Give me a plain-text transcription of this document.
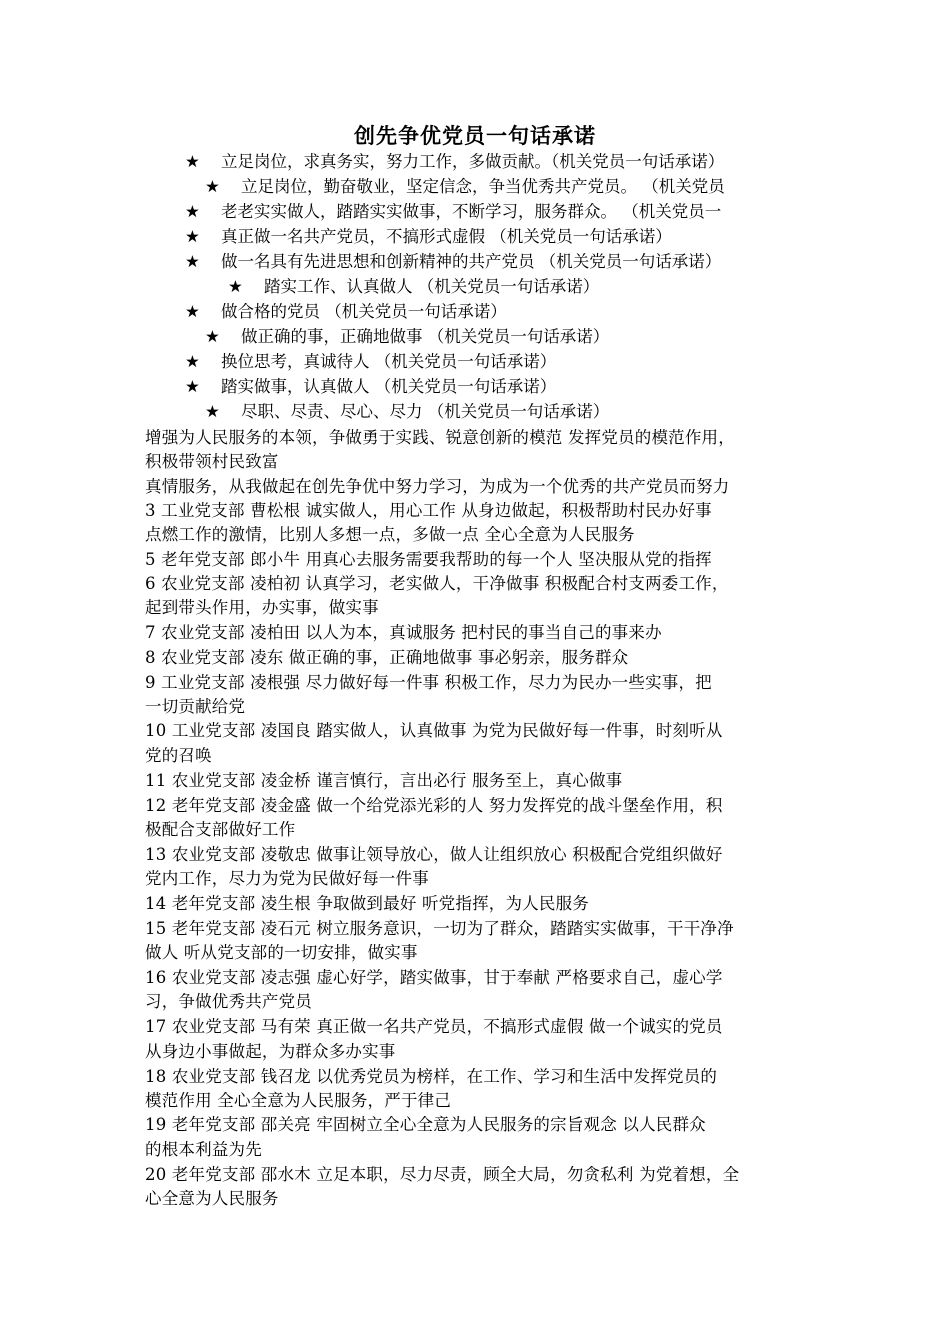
创先争优党员一句话承诺
★ 立足岗位，求真务实，努力工作，多做贡献。（机关党员一句话承诺）
★ 立足岗位，勤奋敬业，坚定信念，争当优秀共产党员。 （机关党员
★ 老老实实做人，踏踏实实做事，不断学习，服务群众。 （机关党员一
★ 真正做一名共产党员，不搞形式虚假 （机关党员一句话承诺）
★ 做一名具有先进思想和创新精神的共产党员 （机关党员一句话承诺）
★ 踏实工作、认真做人 （机关党员一句话承诺）
★ 做合格的党员 （机关党员一句话承诺）
★ 做正确的事，正确地做事 （机关党员一句话承诺）
★ 换位思考，真诚待人 （机关党员一句话承诺）
★ 踏实做事，认真做人 （机关党员一句话承诺）
★ 尽职、尽责、尽心、尽力 （机关党员一句话承诺）
增强为人民服务的本领，争做勇于实践、锐意创新的模范 发挥党员的模范作用，
积极带领村民致富
真情服务，从我做起在创先争优中努力学习，为成为一个优秀的共产党员而努力
3 工业党支部 曹松根 诚实做人，用心工作 从身边做起，积极帮助村民办好事
点燃工作的激情，比别人多想一点，多做一点 全心全意为人民服务
5 老年党支部 郎小牛 用真心去服务需要我帮助的每一个人 坚决服从党的指挥
6 农业党支部 凌柏初 认真学习，老实做人，干净做事 积极配合村支两委工作，
起到带头作用，办实事，做实事
7 农业党支部 凌柏田 以人为本，真诚服务 把村民的事当自己的事来办
8 农业党支部 凌东 做正确的事，正确地做事 事必躬亲，服务群众
9 工业党支部 凌根强 尽力做好每一件事 积极工作，尽力为民办一些实事，把
一切贡献给党
10 工业党支部 凌国良 踏实做人，认真做事 为党为民做好每一件事，时刻听从
党的召唤
11 农业党支部 凌金桥 谨言慎行，言出必行 服务至上，真心做事
12 老年党支部 凌金盛 做一个给党添光彩的人 努力发挥党的战斗堡垒作用，积
极配合支部做好工作
13 农业党支部 凌敬忠 做事让领导放心，做人让组织放心 积极配合党组织做好
党内工作，尽力为党为民做好每一件事
14 老年党支部 凌生根 争取做到最好 听党指挥，为人民服务
15 老年党支部 凌石元 树立服务意识，一切为了群众，踏踏实实做事，干干净净
做人 听从党支部的一切安排，做实事
16 农业党支部 凌志强 虚心好学，踏实做事，甘于奉献 严格要求自己，虚心学
习，争做优秀共产党员
17 农业党支部 马有荣 真正做一名共产党员，不搞形式虚假 做一个诚实的党员
从身边小事做起，为群众多办实事
18 农业党支部 钱召龙 以优秀党员为榜样，在工作、学习和生活中发挥党员的
模范作用 全心全意为人民服务，严于律己
19 老年党支部 邵关亮 牢固树立全心全意为人民服务的宗旨观念 以人民群众
的根本利益为先
20 老年党支部 邵水木 立足本职，尽力尽责，顾全大局，勿贪私利 为党着想，全
心全意为人民服务
